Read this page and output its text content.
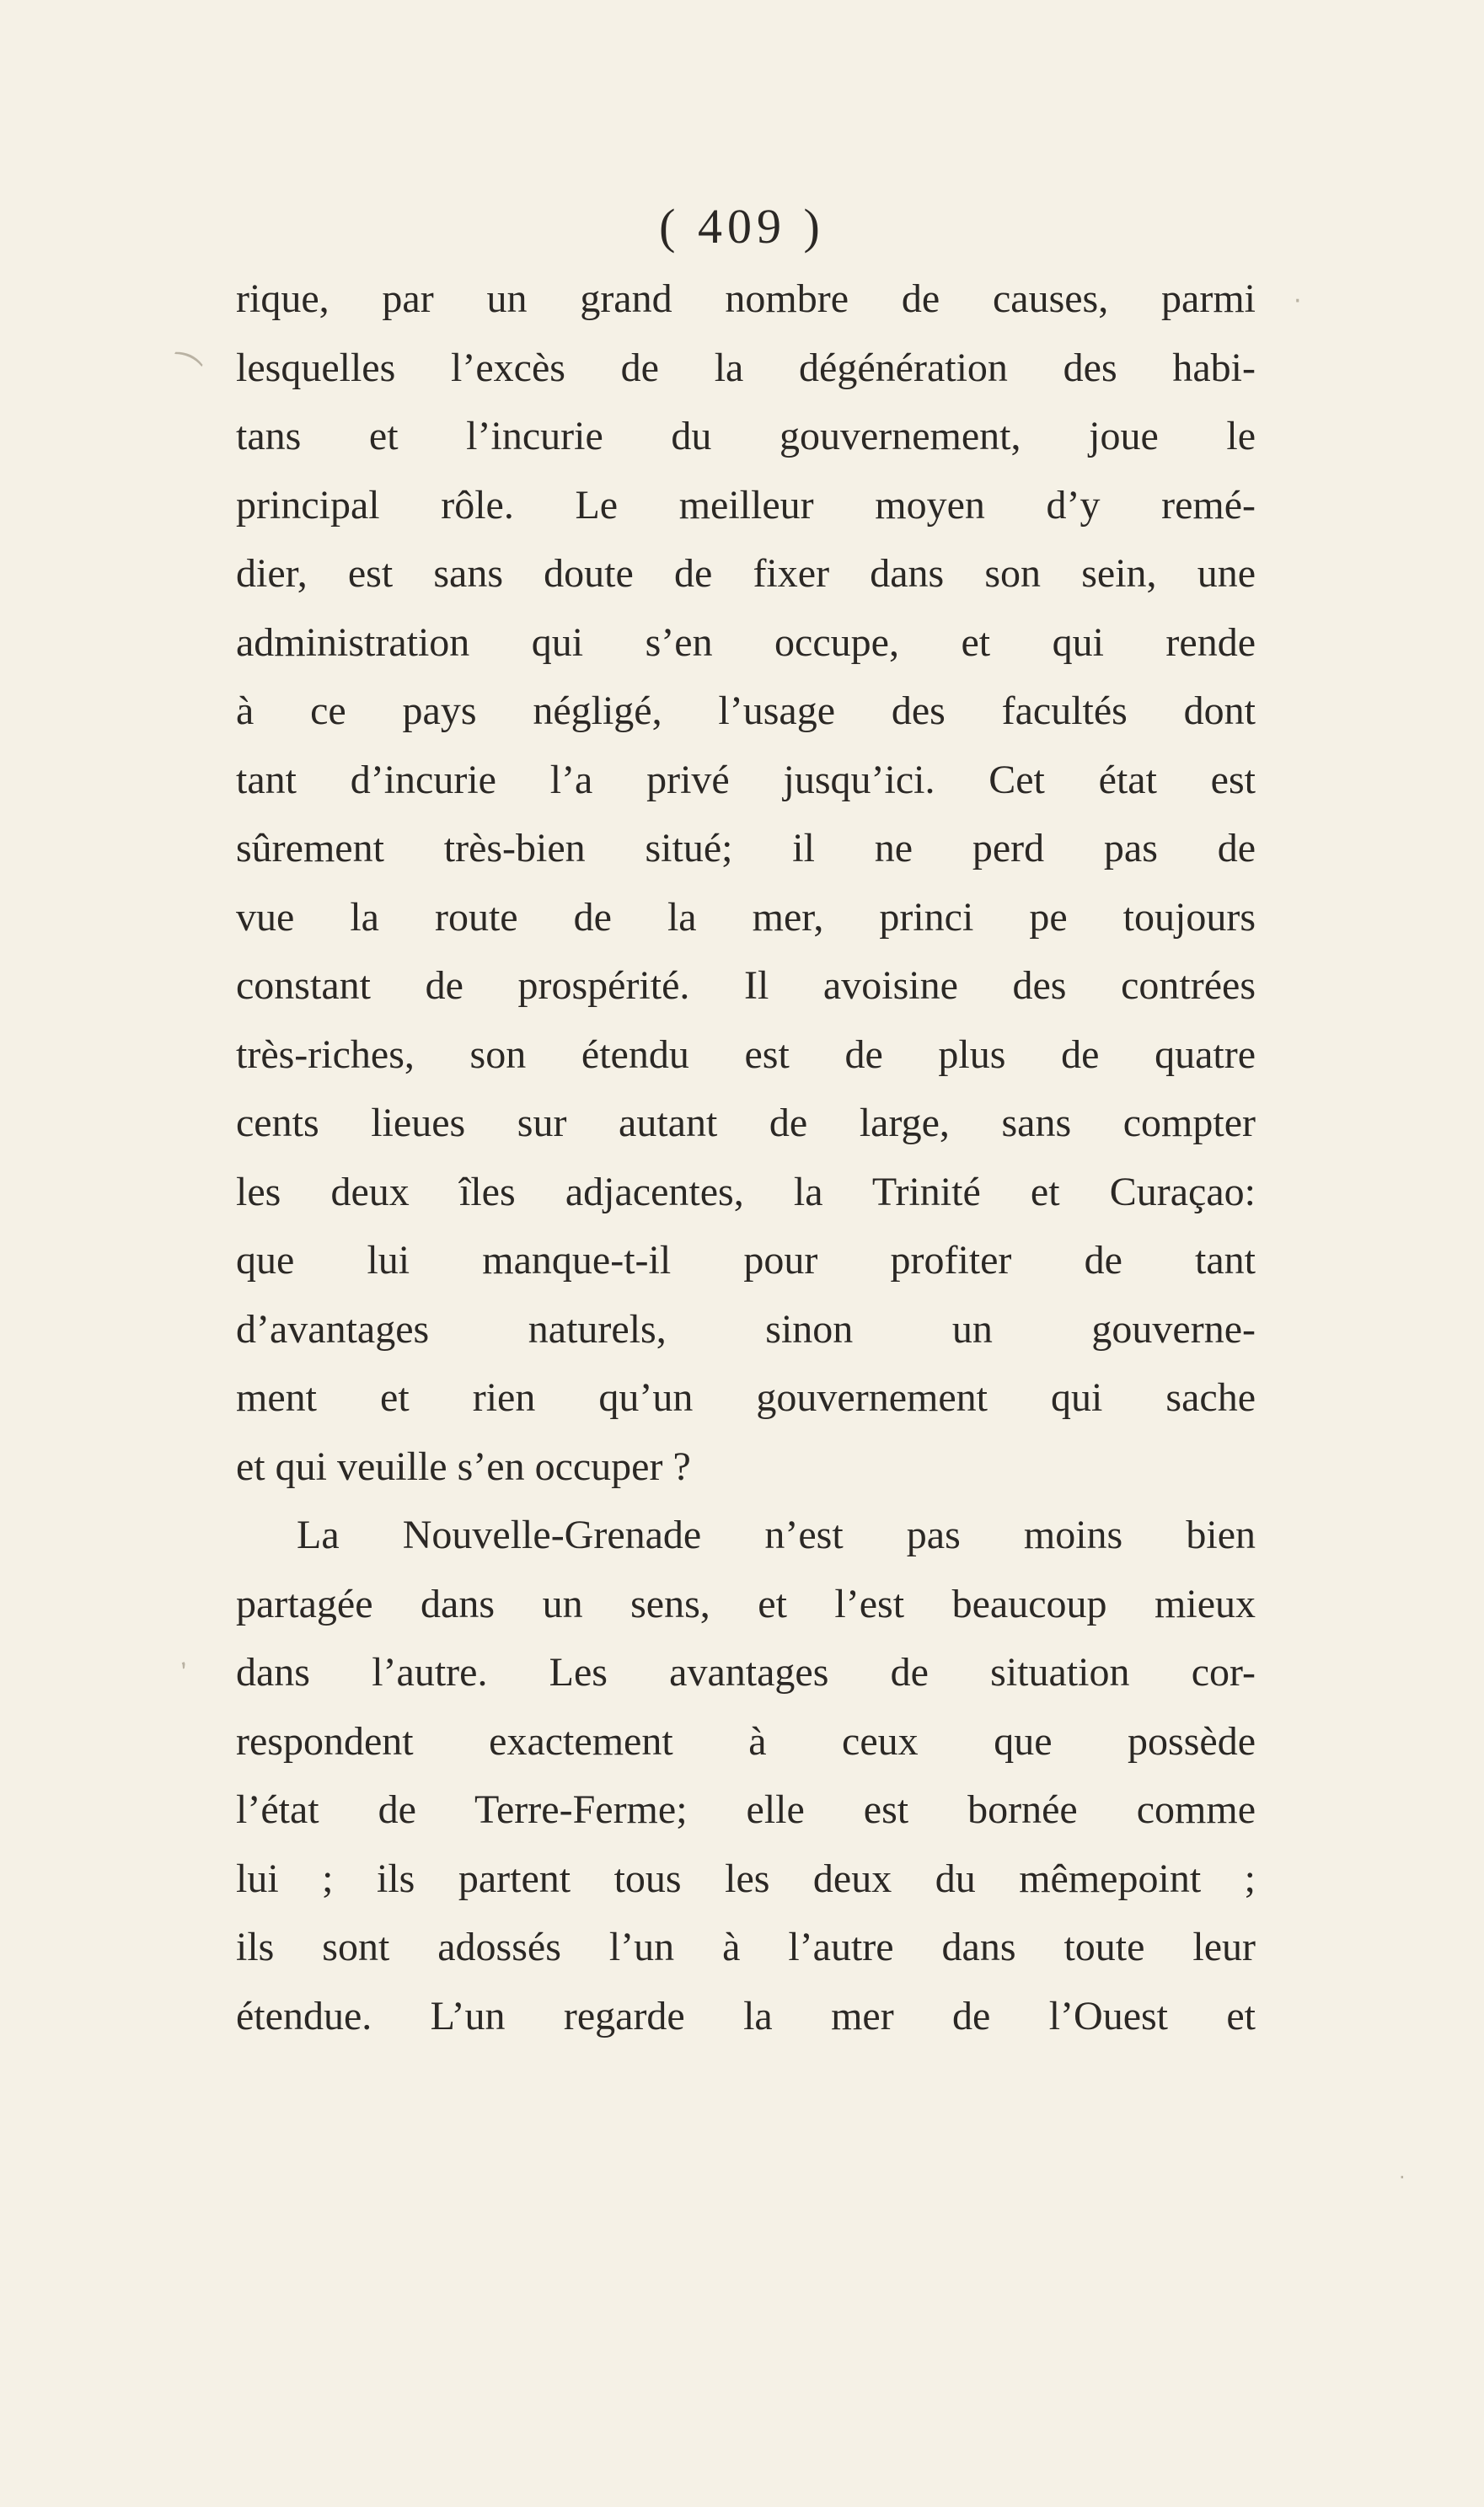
( 409 )
rique, par un grand nombre de causes, parmi
lesquelles l’excès de la dégénération des habi-
tans et l’incurie du gouvernement, joue le
principal rôle. Le meilleur moyen d’y remé-
dier, est sans doute de fixer dans son sein, une
administration qui s’en occupe, et qui rende
à ce pays négligé, l’usage des facultés dont
tant d’incurie l’a privé jusqu’ici. Cet état est
sûrement très-bien situé; il ne perd pas de
vue la route de la mer, princi pe toujours
constant de prospérité. Il avoisine des contrées
très-riches, son étendu est de plus de quatre
cents lieues sur autant de large, sans compter
les deux îles adjacentes, la Trinité et Curaçao:
que lui manque-t-il pour profiter de tant
d’avantages naturels, sinon un gouverne-
ment et rien qu’un gouvernement qui sache
et qui veuille s’en occuper ?
La Nouvelle-Grenade n’est pas moins bien
partagée dans un sens, et l’est beaucoup mieux
dans l’autre. Les avantages de situation cor-
respondent exactement à ceux que possède
l’état de Terre-Ferme; elle est bornée comme
lui ; ils partent tous les deux du mêmepoint ;
ils sont adossés l’un à l’autre dans toute leur
étendue. L’un regarde la mer de l’Ouest et
⁀
·
‚
·
